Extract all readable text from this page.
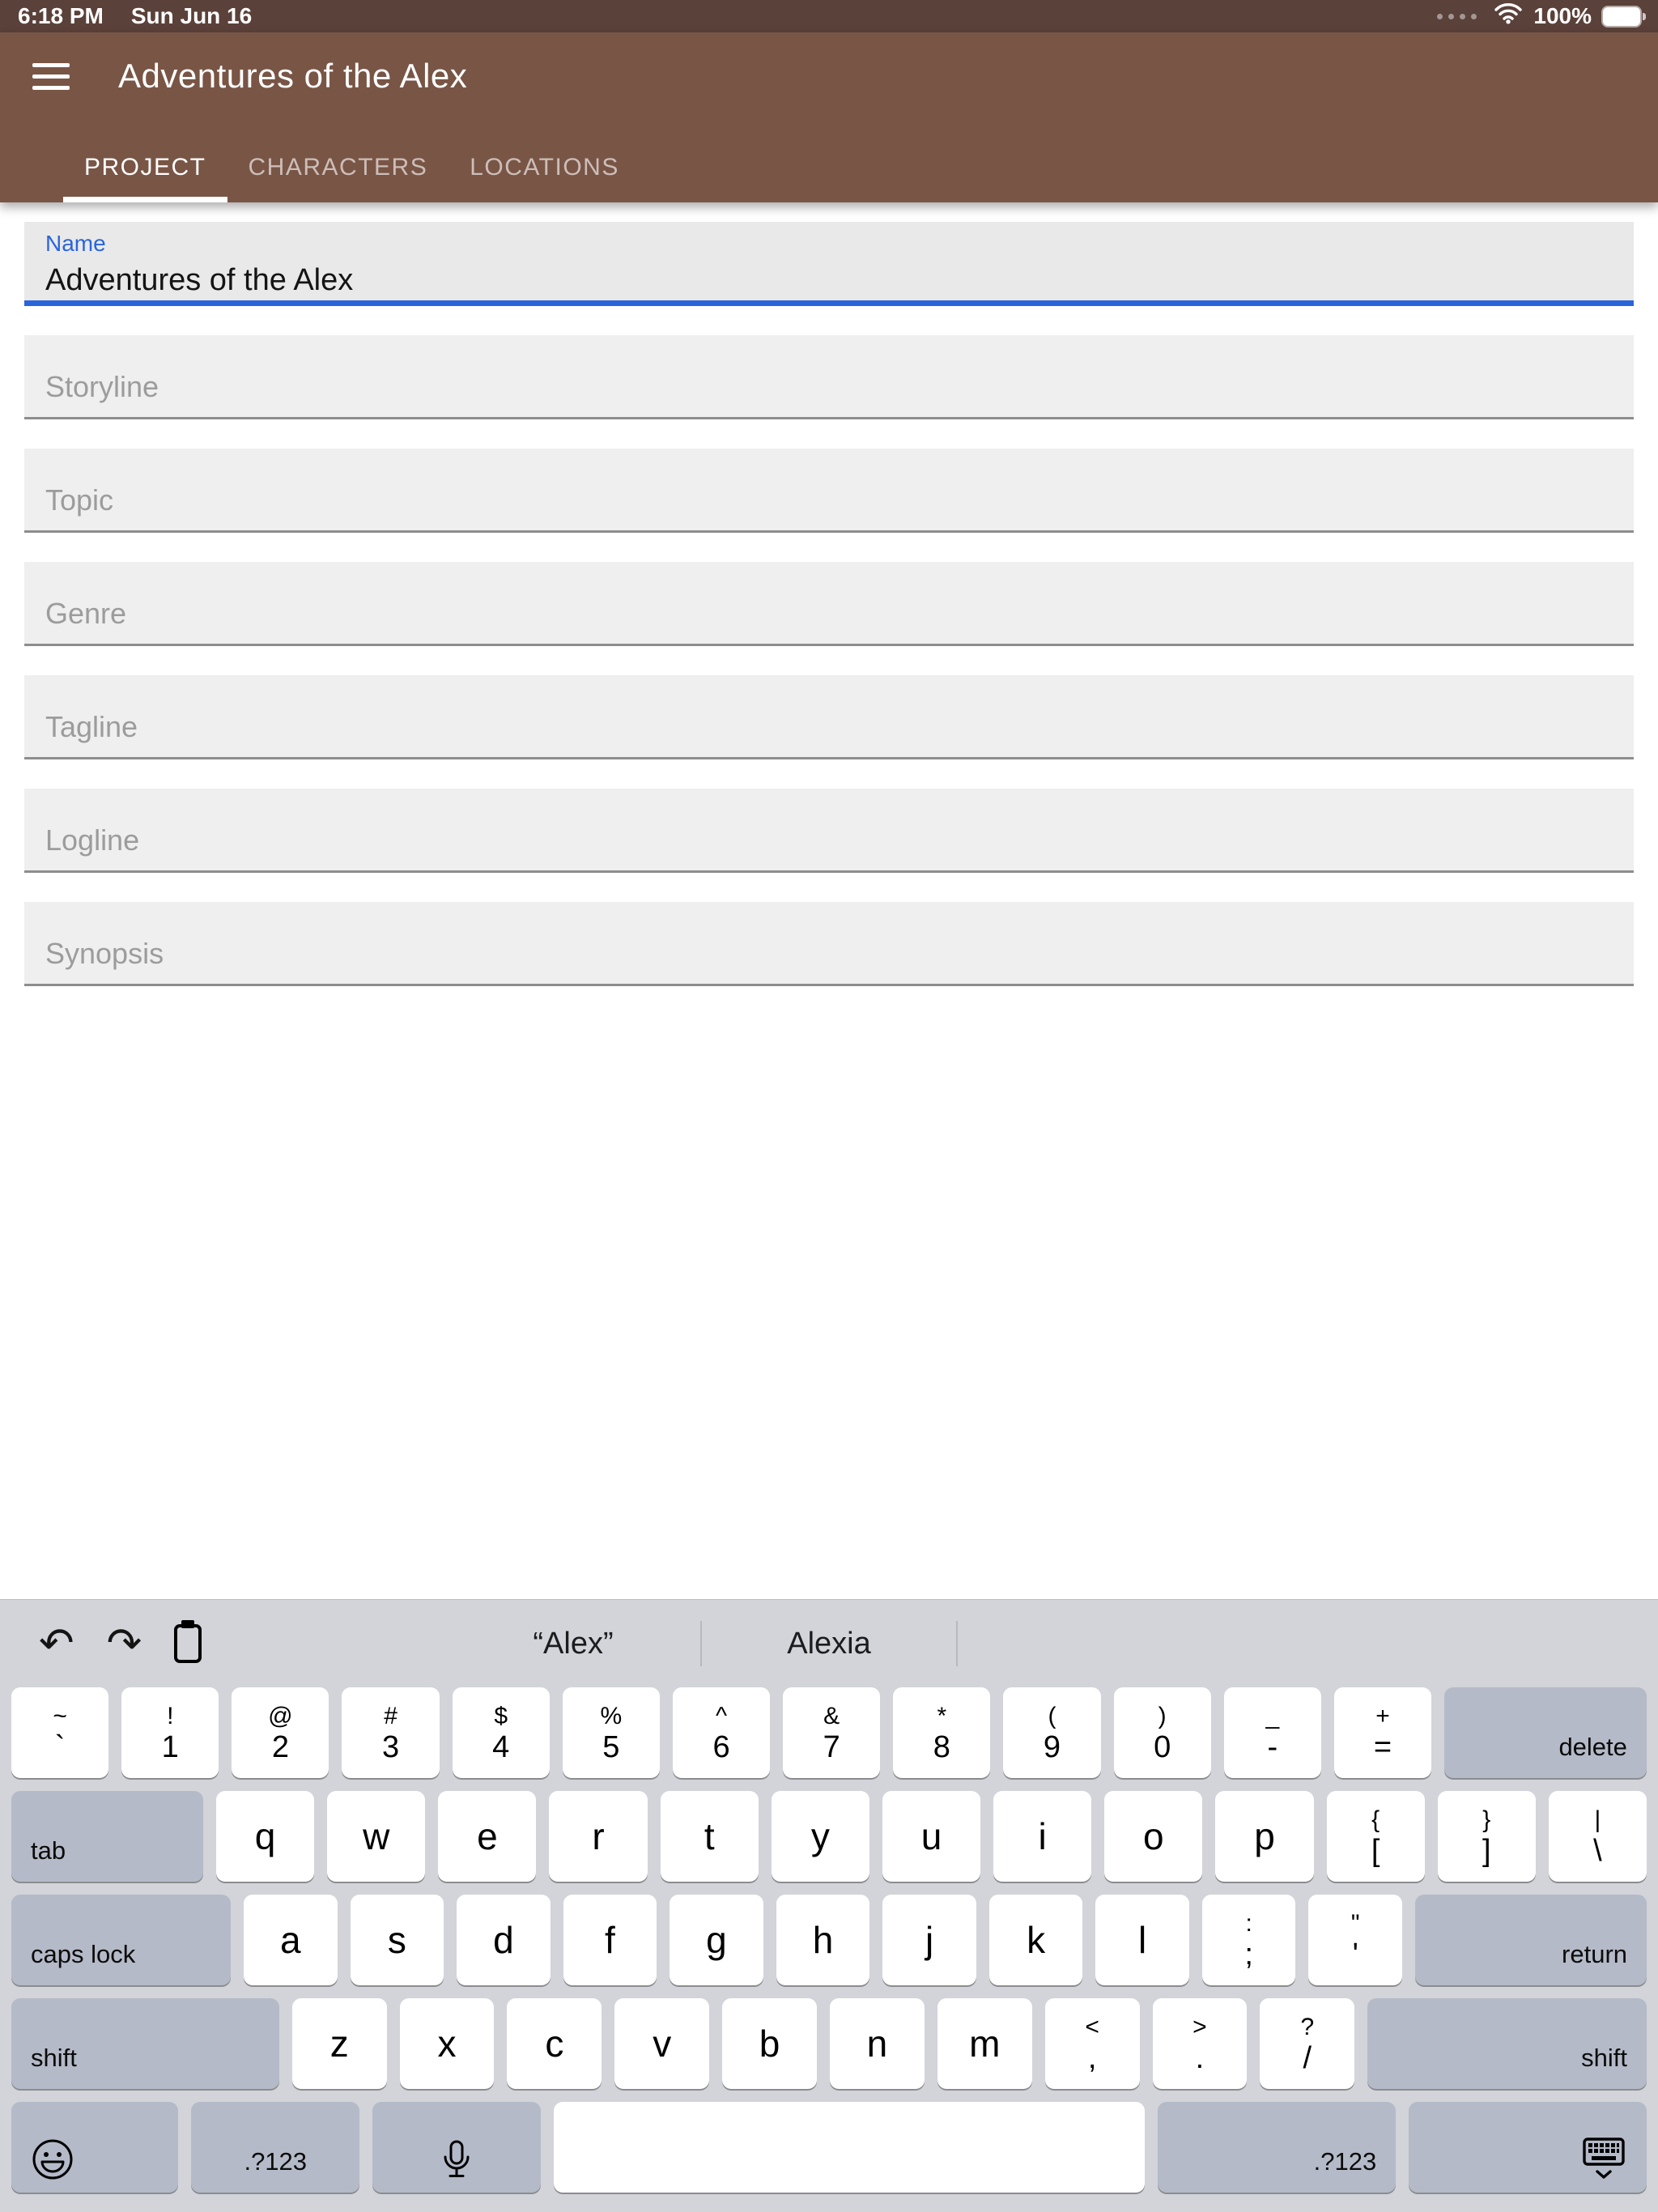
6:18 PM Sun Jun 16	100%
Adventures of the Alex
PROJECT	CHARACTERS	LOCATIONS
Name
Adventures of the Alex
Storyline
Topic
Genre
Tagline
Logline
Synopsis
↶ ↷	“Alex”	Alexia
~
`
!
1
@
2
#
3
$
4
%
5
^
6
&
7
*
8
(
9
)
0
_
-
+
=	delete
tab	q w e	r	t	y u	i	o p	{
[
}
]
|
\
caps lock	a s d f g h j k l	:
;
"
'	return
shift	z x c v b n m	<
,
>
.
?
/	shift
.?123	.?123
